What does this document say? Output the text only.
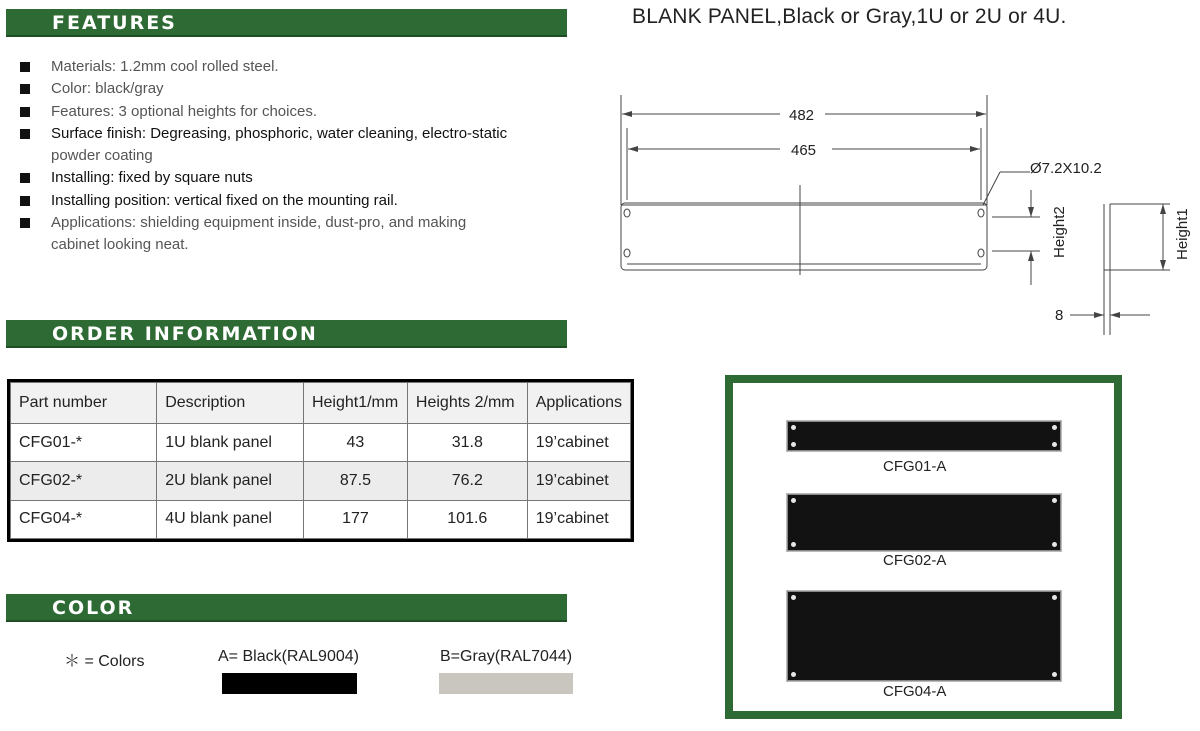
FEATURES
Materials: 1.2mm cool rolled steel.
Color: black/gray
Features: 3 optional heights for choices.
Surface finish: Degreasing, phosphoric, water cleaning, electro-static
powder coating
Installing: fixed by square nuts
Installing position: vertical fixed on the mounting rail.
Applications: shielding equipment inside, dust-pro, and making
cabinet looking neat.
BLANK PANEL,Black or Gray,1U or 2U or 4U.
482
465
Ø7.2X10.2
Height2	Height1
8
ORDER INFORMATION
Part number	Description	Height1/mm	Heights 2/mm	Applications
CFG01-*	1U blank panel	43	31.8	19’cabinet
CFG02-*	2U blank panel	87.5	76.2	19’cabinet
CFG04-*	4U blank panel	177	101.6	19’cabinet
COLOR
＊ = Colors	A= Black(RAL9004)	B=Gray(RAL7044)
CFG01-A
CFG02-A
CFG04-A
